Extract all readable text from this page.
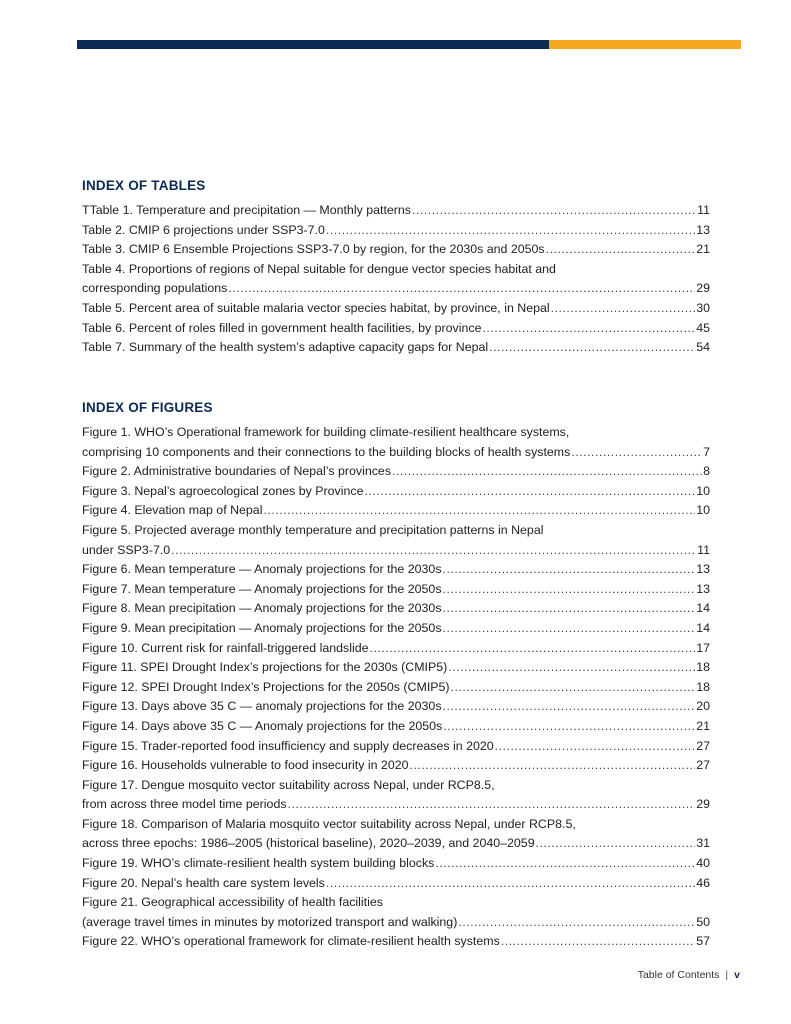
INDEX OF TABLES
TTable 1. Temperature and precipitation — Monthly patterns .....	11
Table 2. CMIP 6 projections under SSP3-7.0 .....	13
Table 3. CMIP 6 Ensemble Projections SSP3-7.0 by region, for the 2030s and 2050s .....	21
Table 4. Proportions of regions of Nepal suitable for dengue vector species habitat and
corresponding populations .....	29
Table 5. Percent area of suitable malaria vector species habitat, by province, in Nepal .....	30
Table 6. Percent of roles filled in government health facilities, by province .....	45
Table 7. Summary of the health system’s adaptive capacity gaps for Nepal .....	54
INDEX OF FIGURES
Figure 1. WHO’s Operational framework for building climate-resilient healthcare systems,
comprising 10 components and their connections to the building blocks of health systems .....	7
Figure 2. Administrative boundaries of Nepal’s provinces .....	8
Figure 3. Nepal’s agroecological zones by Province .....	10
Figure 4. Elevation map of Nepal .....	10
Figure 5. Projected average monthly temperature and precipitation patterns in Nepal
under SSP3-7.0 .....	11
Figure 6. Mean temperature — Anomaly projections for the 2030s .....	13
Figure 7. Mean temperature — Anomaly projections for the 2050s .....	13
Figure 8. Mean precipitation — Anomaly projections for the 2030s .....	14
Figure 9. Mean precipitation — Anomaly projections for the 2050s .....	14
Figure 10. Current risk for rainfall-triggered landslide .....	17
Figure 11. SPEI Drought Index’s projections for the 2030s (CMIP5) .....	18
Figure 12. SPEI Drought Index’s Projections for the 2050s (CMIP5) .....	18
Figure 13. Days above 35 C — anomaly projections for the 2030s .....	20
Figure 14. Days above 35 C — Anomaly projections for the 2050s .....	21
Figure 15. Trader-reported food insufficiency and supply decreases in 2020 .....	27
Figure 16. Households vulnerable to food insecurity in 2020 .....	27
Figure 17. Dengue mosquito vector suitability across Nepal, under RCP8.5,
from across three model time periods .....	29
Figure 18. Comparison of Malaria mosquito vector suitability across Nepal, under RCP8.5,
across three epochs: 1986–2005 (historical baseline), 2020–2039, and 2040–2059 .....	31
Figure 19. WHO’s climate-resilient health system building blocks .....	40
Figure 20. Nepal’s health care system levels .....	46
Figure 21. Geographical accessibility of health facilities
(average travel times in minutes by motorized transport and walking) .....	50
Figure 22. WHO’s operational framework for climate-resilient health systems .....	57
Table of Contents | v
